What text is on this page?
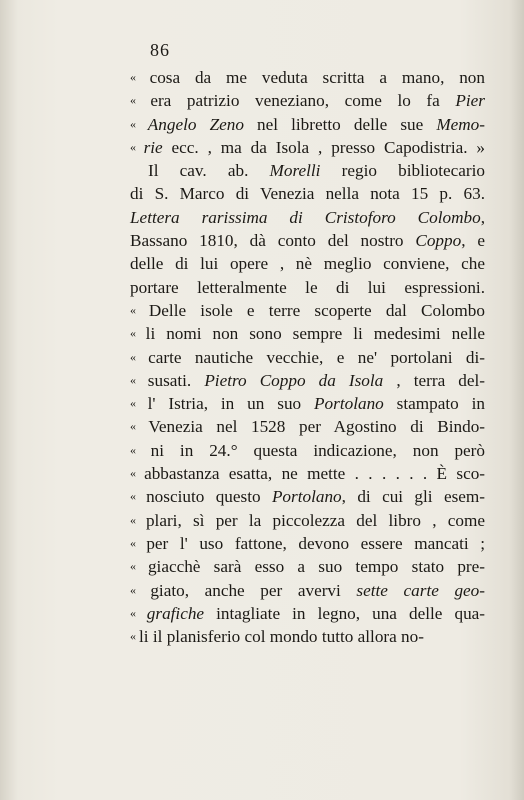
86
« cosa da me veduta scritta a mano, non
« era patrizio veneziano, come lo fa Pier
« Angelo Zeno nel libretto delle sue Memo-
« rie ecc. , ma da Isola , presso Capodistria. »
Il cav. ab. Morelli regio bibliotecario
di S. Marco di Venezia nella nota 15 p. 63.
Lettera rarissima di Cristoforo Colombo,
Bassano 1810, dà conto del nostro Coppo, e
delle di lui opere , nè meglio conviene, che
portare letteralmente le di lui espressioni.
« Delle isole e terre scoperte dal Colombo
« li nomi non sono sempre li medesimi nelle
« carte nautiche vecchie, e ne' portolani di-
« susati. Pietro Coppo da Isola , terra del-
« l' Istria, in un suo Portolano stampato in
« Venezia nel 1528 per Agostino di Bindo-
« ni in 24.° questa indicazione, non però
« abbastanza esatta, ne mette . . . . . . È sco-
« nosciuto questo Portolano, di cui gli esem-
« plari, sì per la piccolezza del libro , come
« per l' uso fattone, devono essere mancati ;
« giacchè sarà esso a suo tempo stato pre-
« giato, anche per avervi sette carte geo-
« grafiche intagliate in legno, una delle qua-
« li il planisferio col mondo tutto allora no-
